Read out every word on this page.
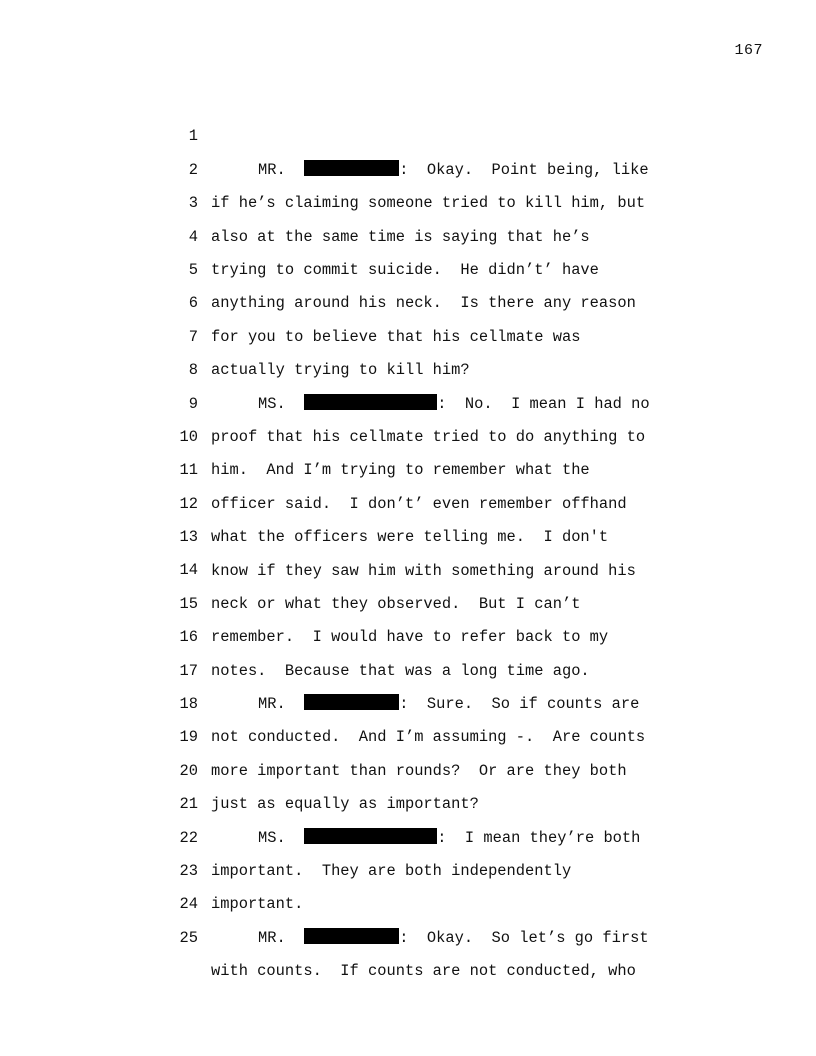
167

1

MR.	:  Okay.  Point being, like

2

if he’s claiming someone tried to kill him, but

3

also at the same time is saying that he’s

4

trying to commit suicide.  He didn’t’ have

5

anything around his neck.  Is there any reason

6

for you to believe that his cellmate was

7

actually trying to kill him?

8

MS.	:  No.  I mean I had no

9

proof that his cellmate tried to do anything to

10

him.  And I’m trying to remember what the

11

officer said.  I don’t’ even remember offhand

12

what the officers were telling me.  I don't

13

know if they saw him with something around his

14

neck or what they observed.  But I can’t

15

remember.  I would have to refer back to my

16

notes.  Because that was a long time ago.

17

MR.	:  Sure.  So if counts are

18

not conducted.  And I’m assuming -.  Are counts

19

more important than rounds?  Or are they both

20

just as equally as important?

21

MS.	:  I mean they’re both

22

important.  They are both independently

23

important.

24

MR.	:  Okay.  So let’s go first

25

with counts.  If counts are not conducted, who
